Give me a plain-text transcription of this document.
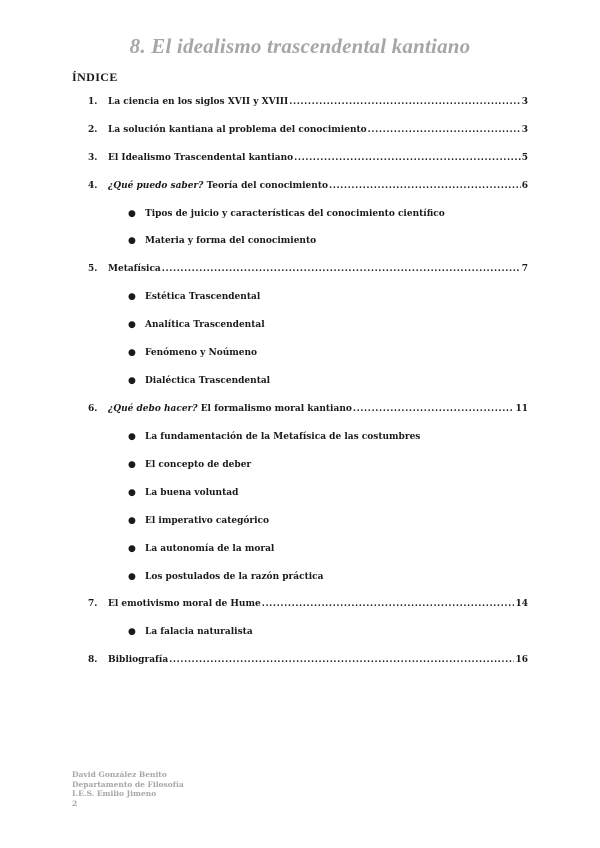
8. El idealismo trascendental kantiano
ÍNDICE
1.	La ciencia en los siglos XVII y XVIII .....	3
2.	La solución kantiana al problema del conocimiento .....	3
3.	El Idealismo Trascendental kantiano .....	5
4.	¿Qué puedo saber? Teoría del conocimiento .....	6
●	Tipos de juicio y características del conocimiento científico
●	Materia y forma del conocimiento
5.	Metafísica .....	7
●	Estética Trascendental
●	Analítica Trascendental
●	Fenómeno y Noúmeno
●	Dialéctica Trascendental
6.	¿Qué debo hacer? El formalismo moral kantiano .....	11
●	La fundamentación de la Metafísica de las costumbres
●	El concepto de deber
●	La buena voluntad
●	El imperativo categórico
●	La autonomía de la moral
●	Los postulados de la razón práctica
7.	El emotivismo moral de Hume .....	14
●	La falacia naturalista
8.	Bibliografía .....	16
David González Benito
Departamento de Filosofía
I.E.S. Emilio Jimeno
2
